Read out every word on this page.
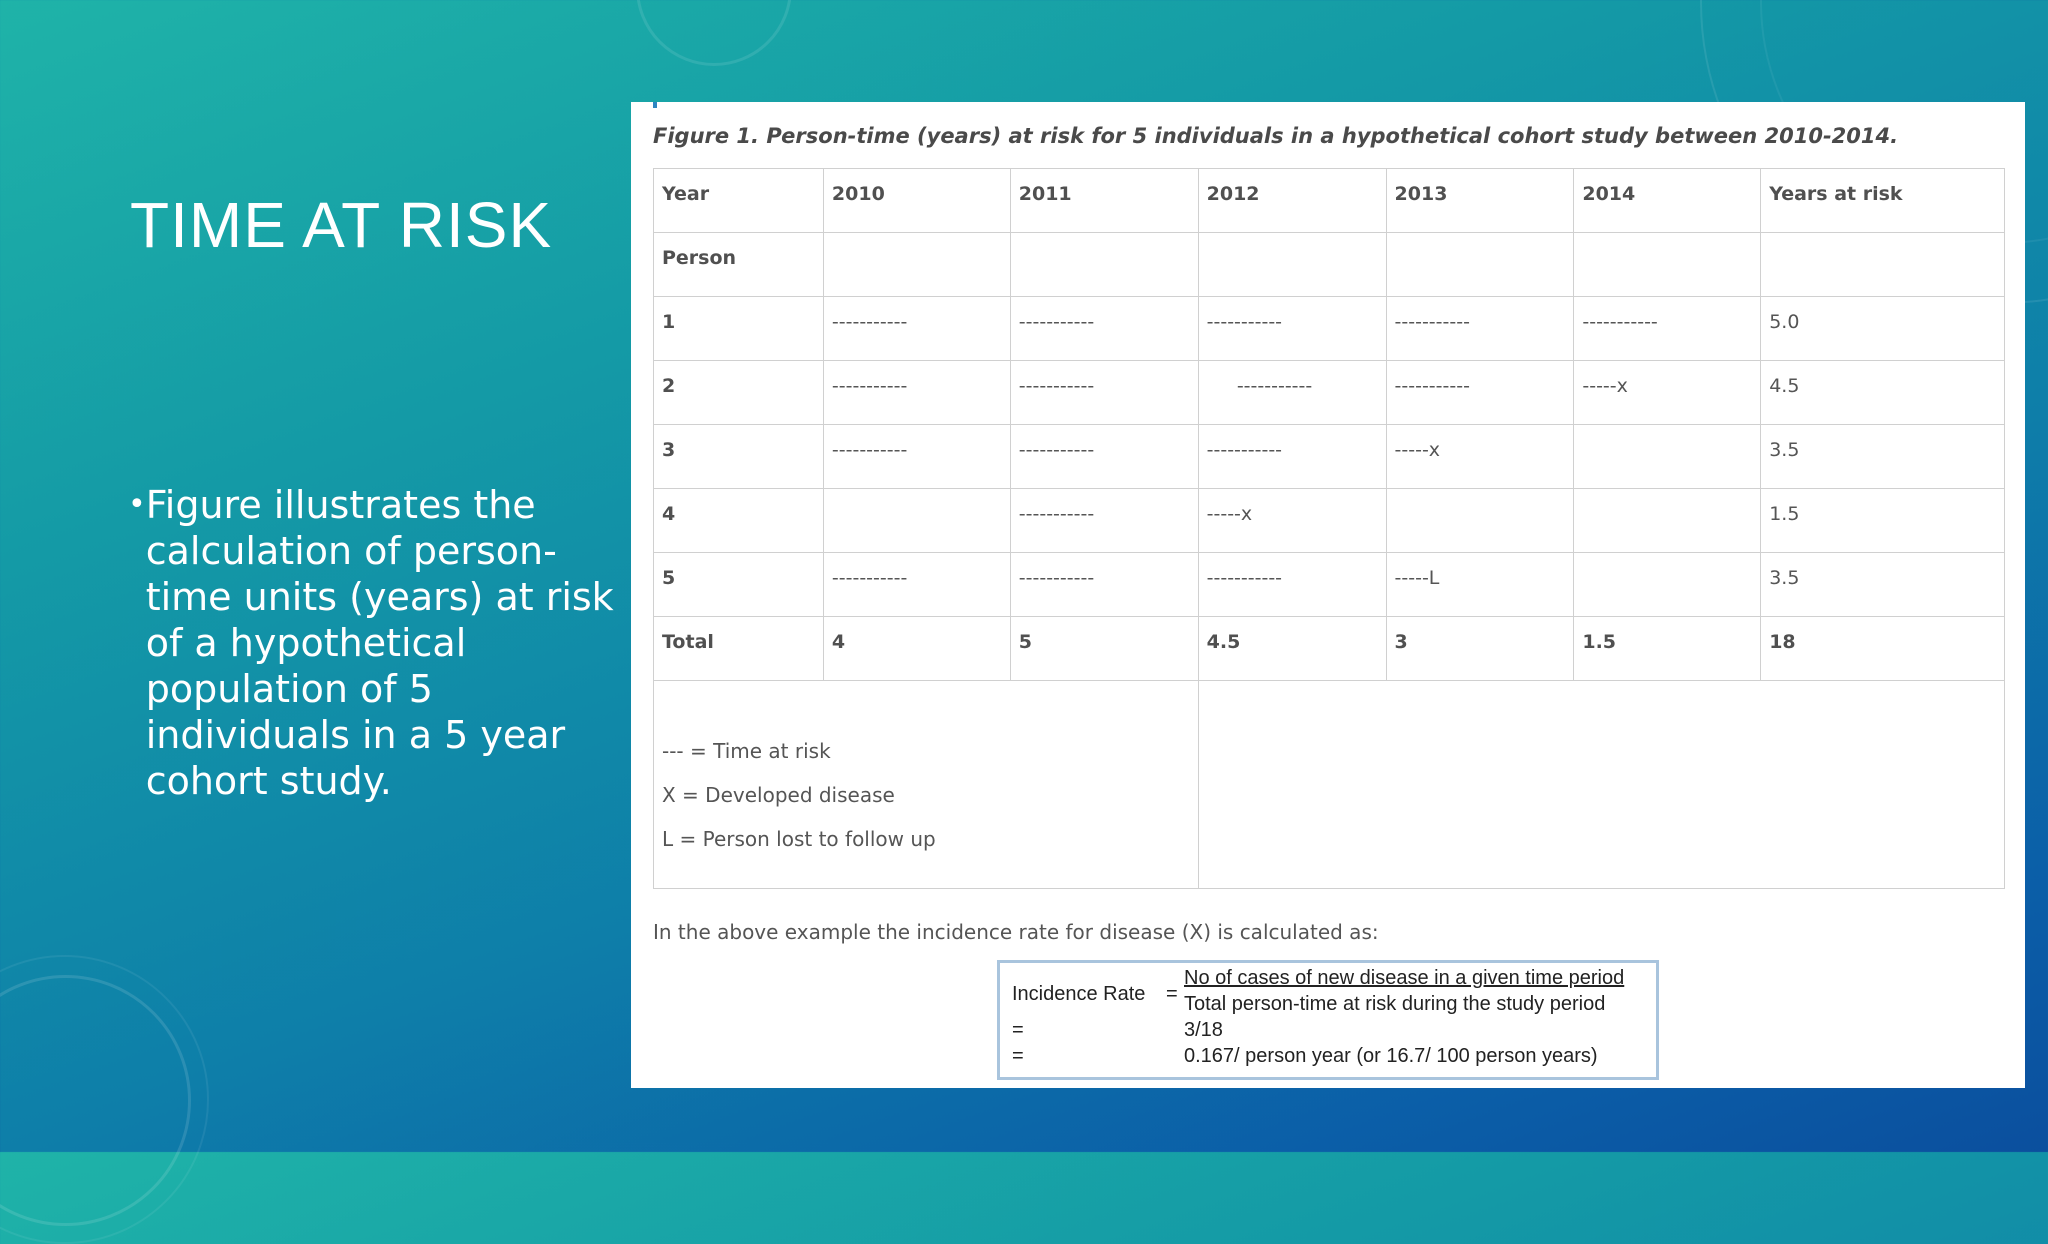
TIME AT RISK
• Figure illustrates the calculation of person-time units (years) at risk of a hypothetical population of 5 individuals in a 5 year cohort study.
Figure 1. Person-time (years) at risk for 5 individuals in a hypothetical cohort study between 2010-2014.
Year	2010	2011	2012	2013	2014	Years at risk
Person						
1	-----------	-----------	-----------	-----------	-----------	5.0
2	-----------	-----------	-----------	-----------	-----x	4.5
3	-----------	-----------	-----------	-----x		3.5
4		-----------	-----x			1.5
5	-----------	-----------	-----------	-----L		3.5
Total	4	5	4.5	3	1.5	18

--- = Time at risk
X = Developed disease
L = Person lost to follow up						

In the above example the incidence rate for disease (X) is calculated as:
Incidence Rate =
No of cases of new disease in a given time period
Total person-time at risk during the study period
=	3/18
=	0.167/ person year (or 16.7/ 100 person years)
